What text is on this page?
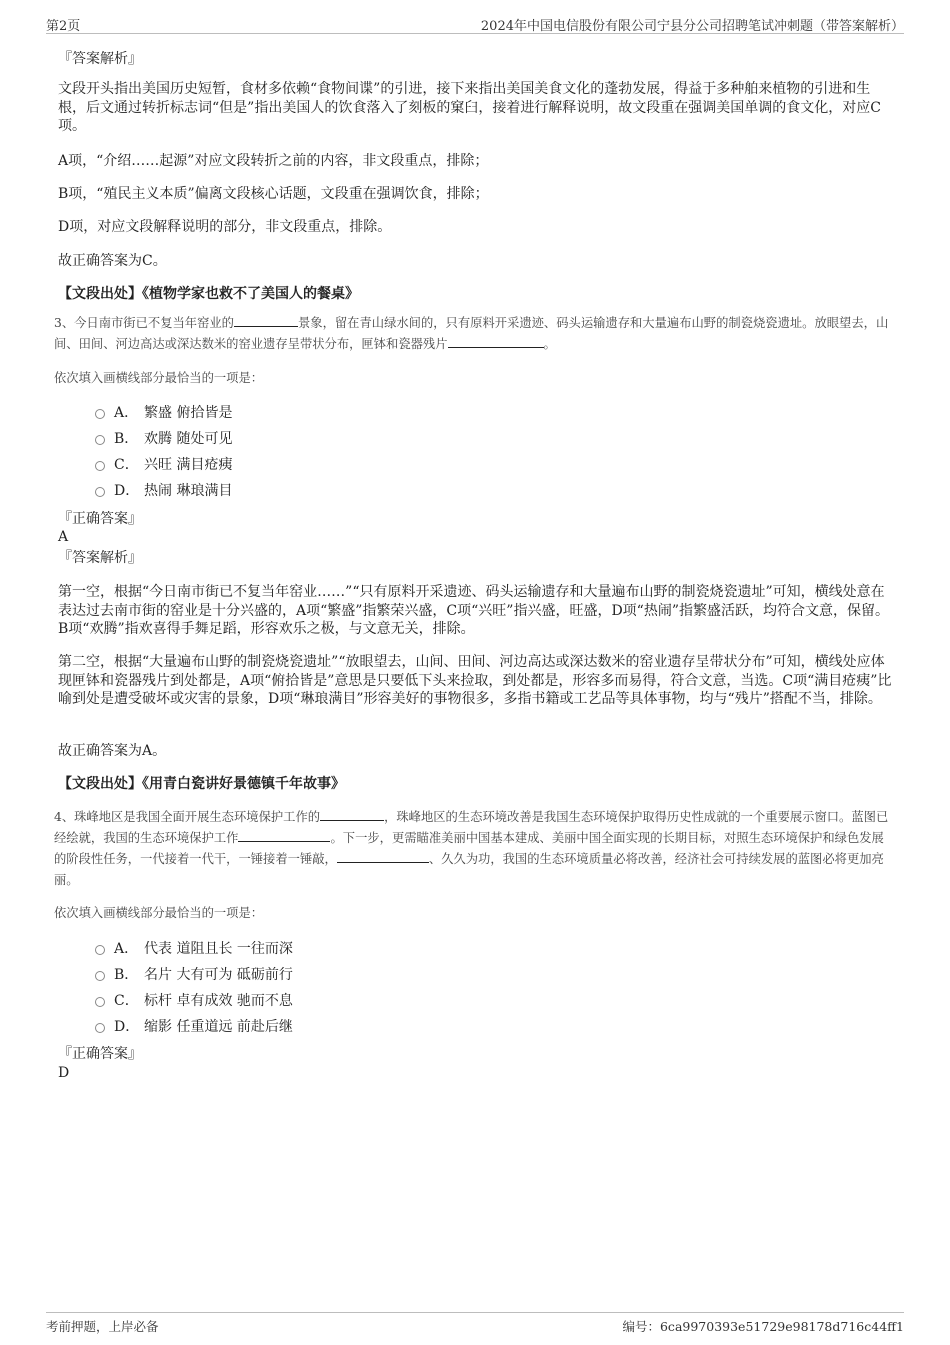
第2页	2024年中国电信股份有限公司宁县分公司招聘笔试冲刺题（带答案解析）
『答案解析』
文段开头指出美国历史短暂，食材多依赖“食物间谍”的引进，接下来指出美国美食文化的蓬勃发展，得益于多种舶来植物的引进和生根，后文通过转折标志词“但是”指出美国人的饮食落入了刻板的窠臼，接着进行解释说明，故文段重在强调美国单调的食文化，对应C项。
A项，“介绍……起源”对应文段转折之前的内容，非文段重点，排除；
B项，“殖民主义本质”偏离文段核心话题，文段重在强调饮食，排除；
D项，对应文段解释说明的部分，非文段重点，排除。
故正确答案为C。
【文段出处】《植物学家也救不了美国人的餐桌》
3、今日南市街已不复当年窑业的	景象，留在青山绿水间的，只有原料开采遗迹、码头运输遗存和大量遍布山野的制瓷烧瓷遗址。放眼望去，山间、田间、河边高达或深达数米的窑业遗存呈带状分布，匣钵和瓷器残片	。
依次填入画横线部分最恰当的一项是：
A． 繁盛 俯拾皆是
B． 欢腾 随处可见
C． 兴旺 满目疮痍
D． 热闹 琳琅满目
『正确答案』
A
『答案解析』
第一空，根据“今日南市街已不复当年窑业……”“只有原料开采遗迹、码头运输遗存和大量遍布山野的制瓷烧瓷遗址”可知，横线处意在表达过去南市街的窑业是十分兴盛的，A项“繁盛”指繁荣兴盛，C项“兴旺”指兴盛，旺盛，D项“热闹”指繁盛活跃，均符合文意，保留。B项“欢腾”指欢喜得手舞足蹈，形容欢乐之极，与文意无关，排除。
第二空，根据“大量遍布山野的制瓷烧瓷遗址”“放眼望去，山间、田间、河边高达或深达数米的窑业遗存呈带状分布”可知，横线处应体现匣钵和瓷器残片到处都是，A项“俯拾皆是”意思是只要低下头来捡取，到处都是，形容多而易得，符合文意，当选。C项“满目疮痍”比喻到处是遭受破坏或灾害的景象，D项“琳琅满目”形容美好的事物很多，多指书籍或工艺品等具体事物，均与“残片”搭配不当，排除。
故正确答案为A。
【文段出处】《用青白瓷讲好景德镇千年故事》
4、珠峰地区是我国全面开展生态环境保护工作的	，珠峰地区的生态环境改善是我国生态环境保护取得历史性成就的一个重要展示窗口。蓝图已经绘就，我国的生态环境保护工作	。下一步，更需瞄准美丽中国基本建成、美丽中国全面实现的长期目标，对照生态环境保护和绿色发展的阶段性任务，一代接着一代干，一锤接着一锤敲，	、久久为功，我国的生态环境质量必将改善，经济社会可持续发展的蓝图必将更加亮丽。
依次填入画横线部分最恰当的一项是：
A． 代表 道阻且长 一往而深
B． 名片 大有可为 砥砺前行
C． 标杆 卓有成效 驰而不息
D． 缩影 任重道远 前赴后继
『正确答案』
D
考前押题，上岸必备	编号：6ca9970393e51729e98178d716c44ff1
